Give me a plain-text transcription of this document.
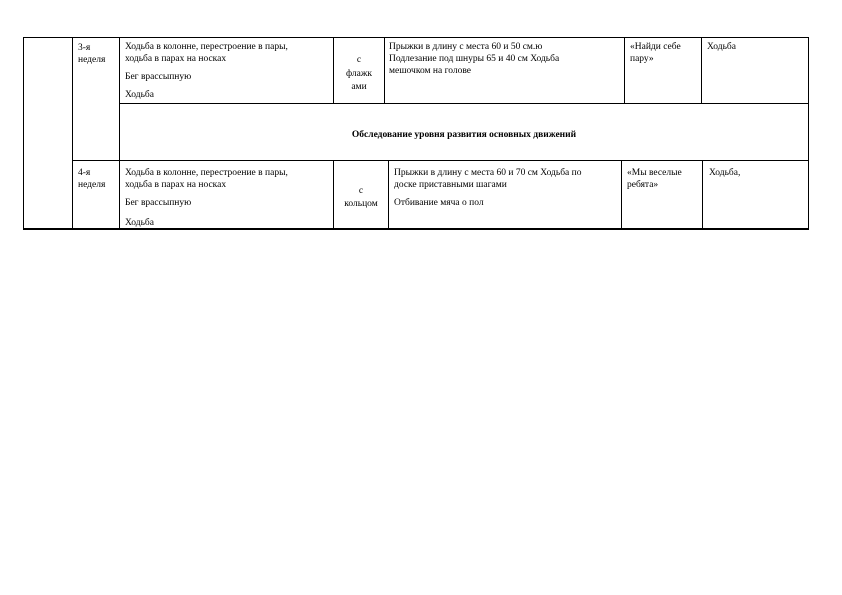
3-я
неделя
Ходьба в колонне, перестроение в пары,
ходьба в парах на носках
Бег врассыпную
Ходьба
с
флажк
ами
Прыжки в длину с места 60 и 50 см.ю
Подлезание под шнуры 65 и 40 см Ходьба
мешочком на голове
«Найди себе
пару»
Ходьба
Обследование уровня развития основных движений
4-я
неделя
Ходьба в колонне, перестроение в пары,
ходьба в парах на носках
Бег врассыпную
Ходьба
с
кольцом
Прыжки в длину с места 60 и 70 см Ходьба по
доске приставными шагами
Отбивание мяча о пол
«Мы веселые
ребята»
Ходьба,
